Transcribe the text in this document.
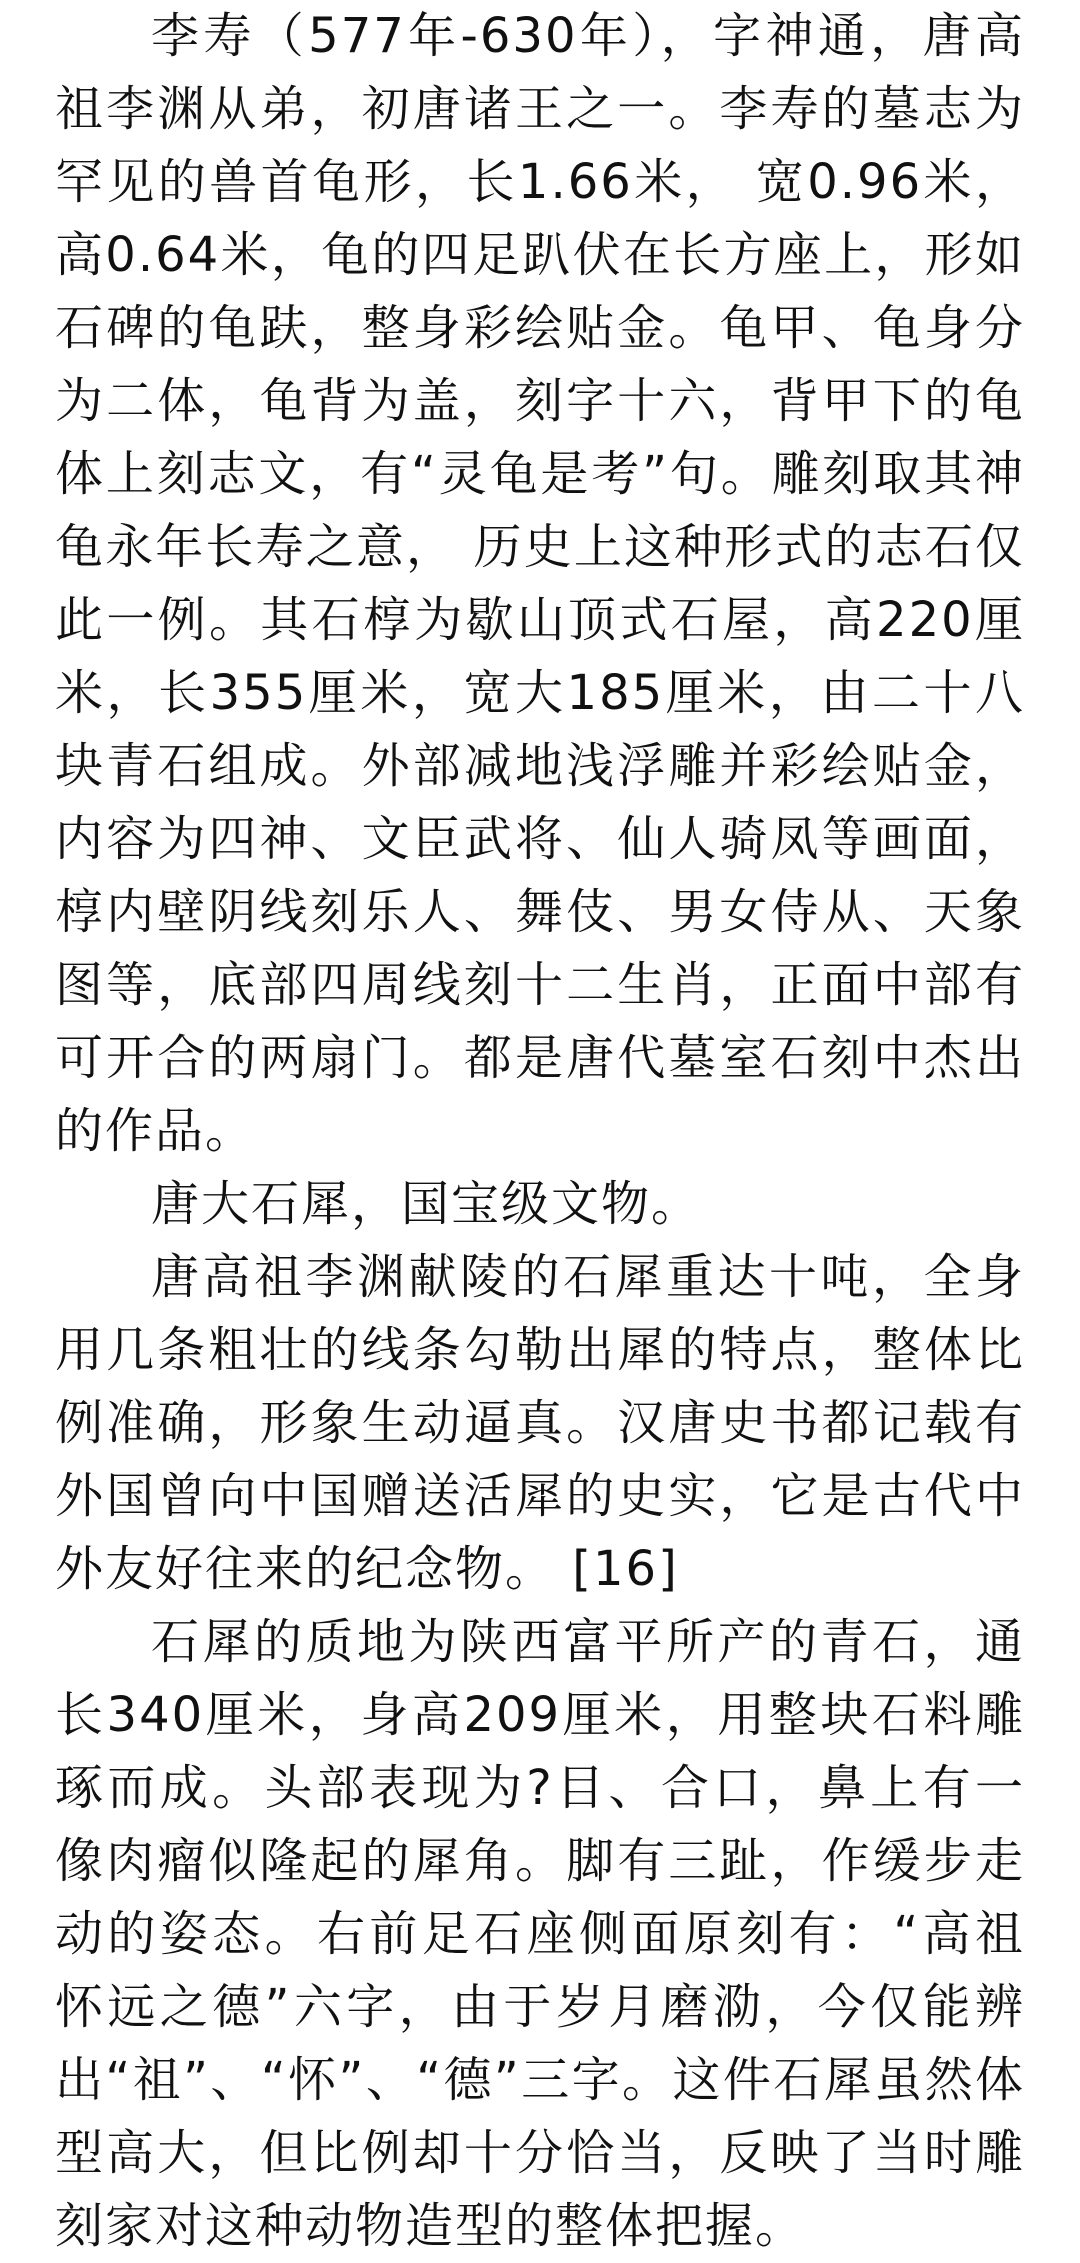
李寿（577年-630年），字神通，唐高祖李渊从弟，初唐诸王之一。李寿的墓志为罕见的兽首龟形，长1.66米， 宽0.96米， 高0.64米，龟的四足趴伏在长方座上，形如石碑的龟趺，整身彩绘贴金。龟甲、龟身分为二体，龟背为盖，刻字十六，背甲下的龟体上刻志文，有“灵龟是考”句。雕刻取其神龟永年长寿之意， 历史上这种形式的志石仅此一例。其石椁为歇山顶式石屋，高220厘米，长355厘米，宽大185厘米，由二十八块青石组成。外部减地浅浮雕并彩绘贴金，内容为四神、文臣武将、仙人骑凤等画面，椁内壁阴线刻乐人、舞伎、男女侍从、天象图等，底部四周线刻十二生肖，正面中部有可开合的两扇门。都是唐代墓室石刻中杰出的作品。

唐大石犀，国宝级文物。

唐高祖李渊献陵的石犀重达十吨，全身用几条粗壮的线条勾勒出犀的特点，整体比例准确，形象生动逼真。汉唐史书都记载有外国曾向中国赠送活犀的史实，它是古代中外友好往来的纪念物。 [16]

石犀的质地为陕西富平所产的青石，通长340厘米，身高209厘米，用整块石料雕琢而成。头部表现为?目、合口，鼻上有一像肉瘤似隆起的犀角。脚有三趾，作缓步走动的姿态。右前足石座侧面原刻有：“高祖怀远之德”六字，由于岁月磨泐，今仅能辨出“祖”、“怀”、“德”三字。这件石犀虽然体型高大，但比例却十分恰当，反映了当时雕刻家对这种动物造型的整体把握。
